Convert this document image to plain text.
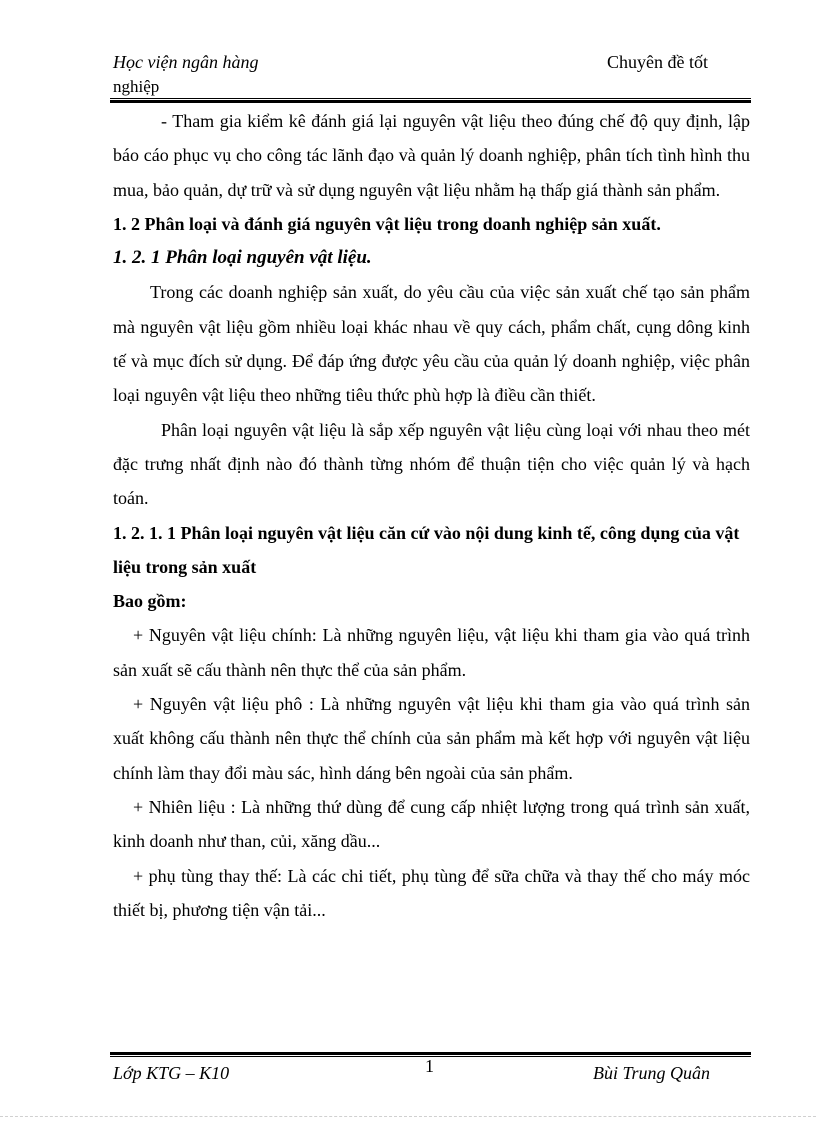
Học viện ngân hàng	Chuyên đề tốt
nghiệp

- Tham gia kiểm kê đánh giá lại nguyên vật liệu theo đúng chế độ quy định, lập báo cáo phục vụ cho công tác lãnh đạo và quản lý doanh nghiệp, phân tích tình hình thu mua, bảo quản, dự trữ và sử dụng nguyên vật liệu nhằm hạ thấp giá thành sản phẩm.

1. 2 Phân loại và đánh giá nguyên vật liệu trong doanh nghiệp sản xuất.

1. 2. 1 Phân loại nguyên vật liệu.

Trong các doanh nghiệp sản xuất, do yêu cầu của việc sản xuất chế tạo sản phẩm mà nguyên vật liệu gồm nhiều loại khác nhau về quy cách, phẩm chất, cụng dông kinh tế và mục đích sử dụng. Để đáp ứng được yêu cầu của quản lý doanh nghiệp, việc phân loại nguyên vật liệu theo những tiêu thức phù hợp là điều cần thiết.

Phân loại nguyên vật liệu là sắp xếp nguyên vật liệu cùng loại với nhau theo mét đặc trưng nhất định nào đó thành từng nhóm để thuận tiện cho việc quản lý và hạch toán.

1. 2. 1. 1 Phân loại nguyên vật liệu căn cứ vào nội dung kinh tế, công dụng của vật liệu trong sản xuất

Bao gồm:

+ Nguyên vật liệu chính: Là những nguyên liệu, vật liệu khi tham gia vào quá trình sản xuất sẽ cấu thành nên thực thể của sản phẩm.

+ Nguyên vật liệu phô : Là những nguyên vật liệu khi tham gia vào quá trình sản xuất không cấu thành nên thực thể chính của sản phẩm mà kết hợp với nguyên vật liệu chính làm thay đổi màu sác, hình dáng bên ngoài của sản phẩm.

+ Nhiên liệu : Là những thứ dùng để cung cấp nhiệt lượng trong quá trình sản xuất, kinh doanh như than, củi, xăng dầu...

+ phụ tùng thay thế: Là các chi tiết, phụ tùng để sữa chữa và thay thế cho máy móc thiết bị, phương tiện vận tải...

Lớp KTG – K10	1	Bùi Trung Quân
